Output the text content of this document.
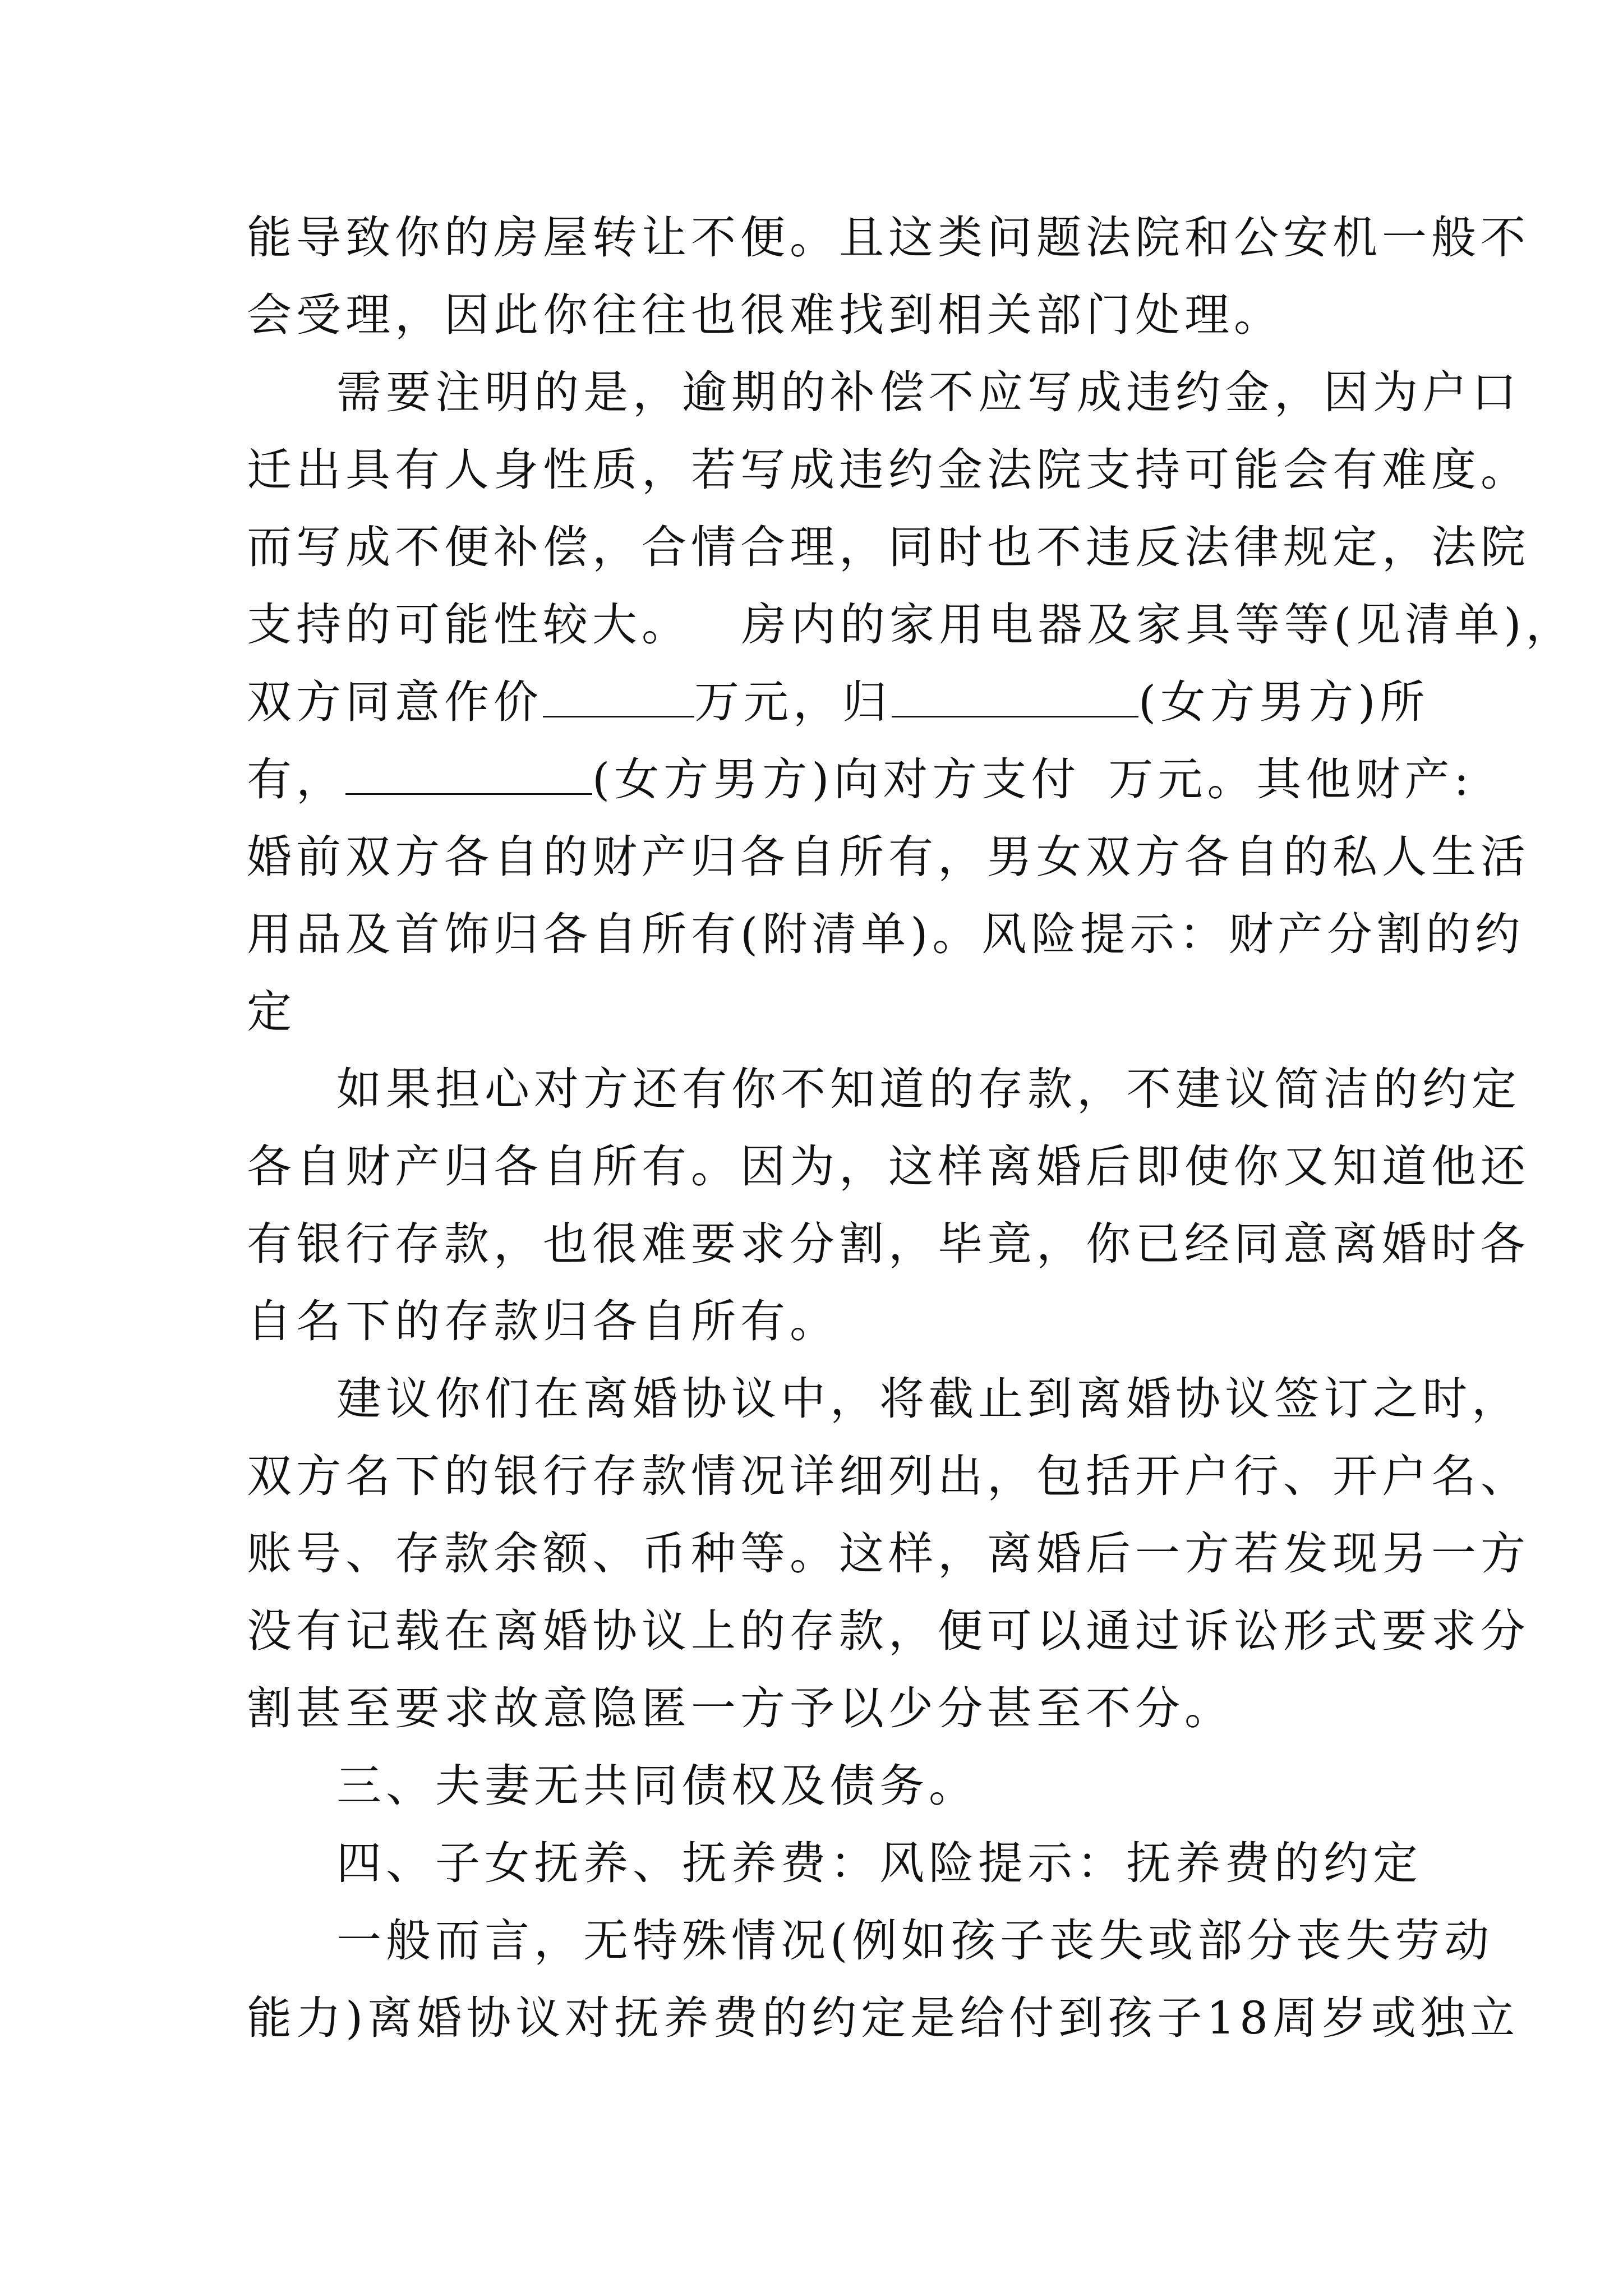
能导致你的房屋转让不便。且这类问题法院和公安机一般不
会受理，因此你往往也很难找到相关部门处理。
需要注明的是，逾期的补偿不应写成违约金，因为户口
迁出具有人身性质，若写成违约金法院支持可能会有难度。
而写成不便补偿，合情合理，同时也不违反法律规定，法院
支持的可能性较大。 房内的家用电器及家具等等(见清单)，
双方同意作价	万元，归	(女方男方)所
有，	(女方男方)向对方支付 万元。其他财产:
婚前双方各自的财产归各自所有，男女双方各自的私人生活
用品及首饰归各自所有(附清单)。风险提示：财产分割的约
定
如果担心对方还有你不知道的存款，不建议简洁的约定
各自财产归各自所有。因为，这样离婚后即使你又知道他还
有银行存款，也很难要求分割，毕竟，你已经同意离婚时各
自名下的存款归各自所有。
建议你们在离婚协议中，将截止到离婚协议签订之时，
双方名下的银行存款情况详细列出，包括开户行、开户名、
账号、存款余额、币种等。这样，离婚后一方若发现另一方
没有记载在离婚协议上的存款，便可以通过诉讼形式要求分
割甚至要求故意隐匿一方予以少分甚至不分。
三、夫妻无共同债权及债务。
四、子女抚养、抚养费：风险提示：抚养费的约定
一般而言，无特殊情况(例如孩子丧失或部分丧失劳动
能力)离婚协议对抚养费的约定是给付到孩子18周岁或独立
